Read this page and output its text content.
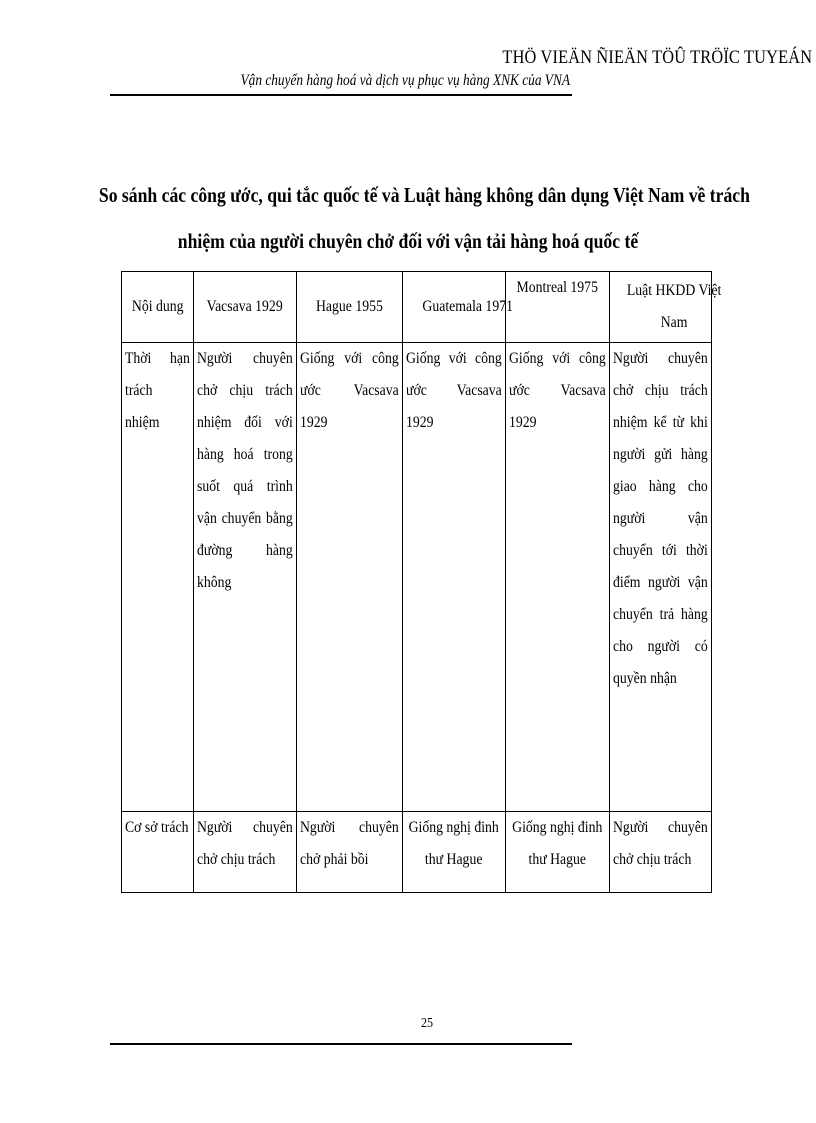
THÖ VIEÄN ÑIEÄN TÖÛ TRÖÏC TUYEÁN
Vận chuyển hàng hoá và dịch vụ phục vụ hàng XNK của VNA
So sánh các công ước, qui tắc quốc tế và Luật hàng không dân dụng Việt Nam về trách
nhiệm của người chuyên chở đối với vận tải hàng hoá quốc tế
Nội dung	Vacsava 1929	Hague 1955	Guatemala 1971	Montreal 1975	Luật HKDD Việt Nam

Thời hạn trách nhiệm	Người chuyên chở chịu trách nhiệm đối với hàng hoá trong suốt quá trình vận chuyển bằng đường hàng không	Giống với công ước Vacsava 1929	Giống với công ước Vacsava 1929	Giống với công ước Vacsava 1929	Người chuyên chở chịu trách nhiệm kể từ khi người gửi hàng giao hàng cho người vận chuyển tới thời điểm người vận chuyển trả hàng cho người có quyền nhận

Cơ sở trách	Người chuyên chở chịu trách	Người chuyên chở phải bồi	Giống nghị đinh thư Hague	Giống nghị đinh thư Hague	Người chuyên chở chịu trách
25
